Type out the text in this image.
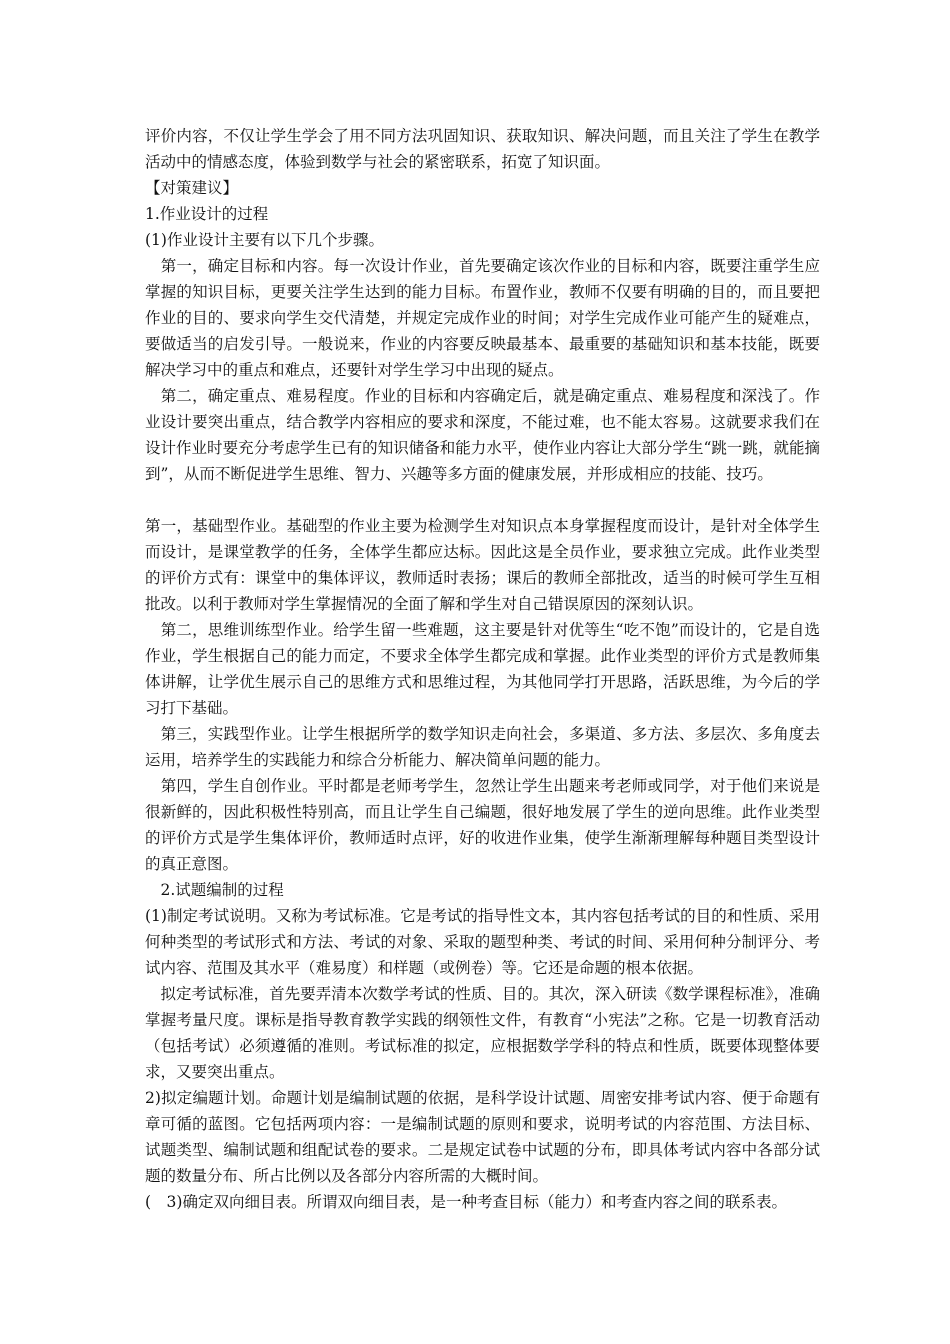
评价内容，不仅让学生学会了用不同方法巩固知识、获取知识、解决问题，而且关注了学生在教学活动中的情感态度，体验到数学与社会的紧密联系，拓宽了知识面。

【对策建议】

1.作业设计的过程

(1)作业设计主要有以下几个步骤。

　第一，确定目标和内容。每一次设计作业，首先要确定该次作业的目标和内容，既要注重学生应掌握的知识目标，更要关注学生达到的能力目标。布置作业，教师不仅要有明确的目的，而且要把作业的目的、要求向学生交代清楚，并规定完成作业的时间；对学生完成作业可能产生的疑难点，要做适当的启发引导。一般说来，作业的内容要反映最基本、最重要的基础知识和基本技能，既要解决学习中的重点和难点，还要针对学生学习中出现的疑点。

　第二，确定重点、难易程度。作业的目标和内容确定后，就是确定重点、难易程度和深浅了。作业设计要突出重点，结合教学内容相应的要求和深度，不能过难，也不能太容易。这就要求我们在设计作业时要充分考虑学生已有的知识储备和能力水平，使作业内容让大部分学生“跳一跳，就能摘到”，从而不断促进学生思维、智力、兴趣等多方面的健康发展，并形成相应的技能、技巧。

第一，基础型作业。基础型的作业主要为检测学生对知识点本身掌握程度而设计，是针对全体学生而设计，是课堂教学的任务，全体学生都应达标。因此这是全员作业，要求独立完成。此作业类型的评价方式有：课堂中的集体评议，教师适时表扬；课后的教师全部批改，适当的时候可学生互相批改。以利于教师对学生掌握情况的全面了解和学生对自己错误原因的深刻认识。

　第二，思维训练型作业。给学生留一些难题，这主要是针对优等生“吃不饱”而设计的，它是自选作业，学生根据自己的能力而定，不要求全体学生都完成和掌握。此作业类型的评价方式是教师集体讲解，让学优生展示自己的思维方式和思维过程，为其他同学打开思路，活跃思维，为今后的学习打下基础。

　第三，实践型作业。让学生根据所学的数学知识走向社会，多渠道、多方法、多层次、多角度去运用，培养学生的实践能力和综合分析能力、解决简单问题的能力。

　第四，学生自创作业。平时都是老师考学生，忽然让学生出题来考老师或同学，对于他们来说是很新鲜的，因此积极性特别高，而且让学生自己编题，很好地发展了学生的逆向思维。此作业类型的评价方式是学生集体评价，教师适时点评，好的收进作业集，使学生渐渐理解每种题目类型设计的真正意图。

　2.试题编制的过程

(1)制定考试说明。又称为考试标准。它是考试的指导性文本，其内容包括考试的目的和性质、采用何种类型的考试形式和方法、考试的对象、采取的题型种类、考试的时间、采用何种分制评分、考试内容、范围及其水平（难易度）和样题（或例卷）等。它还是命题的根本依据。

　拟定考试标准，首先要弄清本次数学考试的性质、目的。其次，深入研读《数学课程标准》，准确掌握考量尺度。课标是指导教育教学实践的纲领性文件，有教育“小宪法”之称。它是一切教育活动（包括考试）必须遵循的准则。考试标准的拟定，应根据数学学科的特点和性质，既要体现整体要求，又要突出重点。

2)拟定编题计划。命题计划是编制试题的依据，是科学设计试题、周密安排考试内容、便于命题有章可循的蓝图。它包括两项内容：一是编制试题的原则和要求，说明考试的内容范围、方法目标、试题类型、编制试题和组配试卷的要求。二是规定试卷中试题的分布，即具体考试内容中各部分试题的数量分布、所占比例以及各部分内容所需的大概时间。

(　3)确定双向细目表。所谓双向细目表，是一种考查目标（能力）和考查内容之间的联系表。
